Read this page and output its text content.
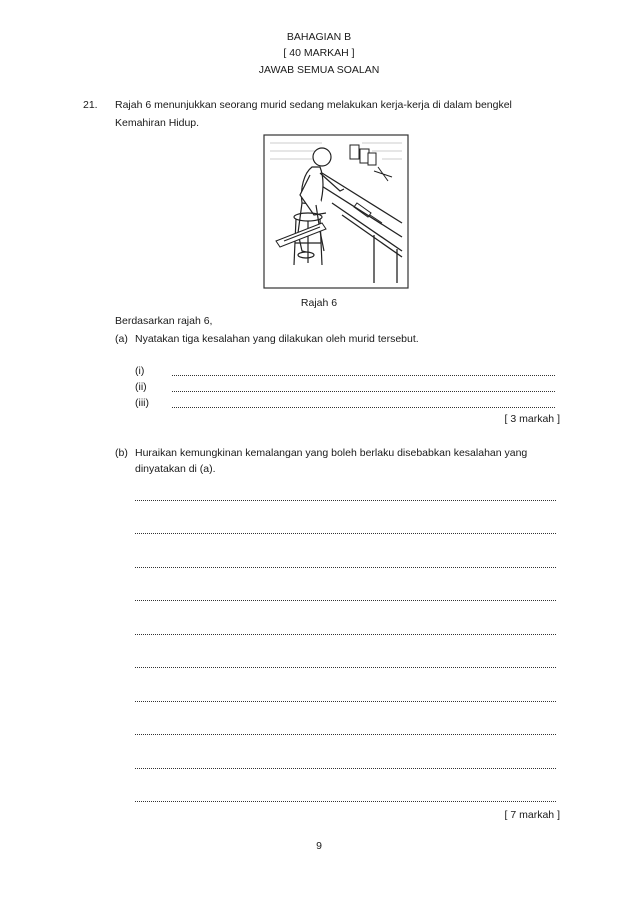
BAHAGIAN B
[ 40 MARKAH ]
JAWAB SEMUA SOALAN
21. Rajah 6 menunjukkan seorang murid sedang melakukan kerja-kerja di dalam bengkel
Kemahiran Hidup.
Rajah 6
Berdasarkan rajah 6,
(a) Nyatakan tiga kesalahan yang dilakukan oleh murid tersebut.
(i)
(ii)
(iii)
[ 3 markah ]
(b) Huraikan kemungkinan kemalangan yang boleh berlaku disebabkan kesalahan yang
dinyatakan di (a).
[ 7 markah ]
9
